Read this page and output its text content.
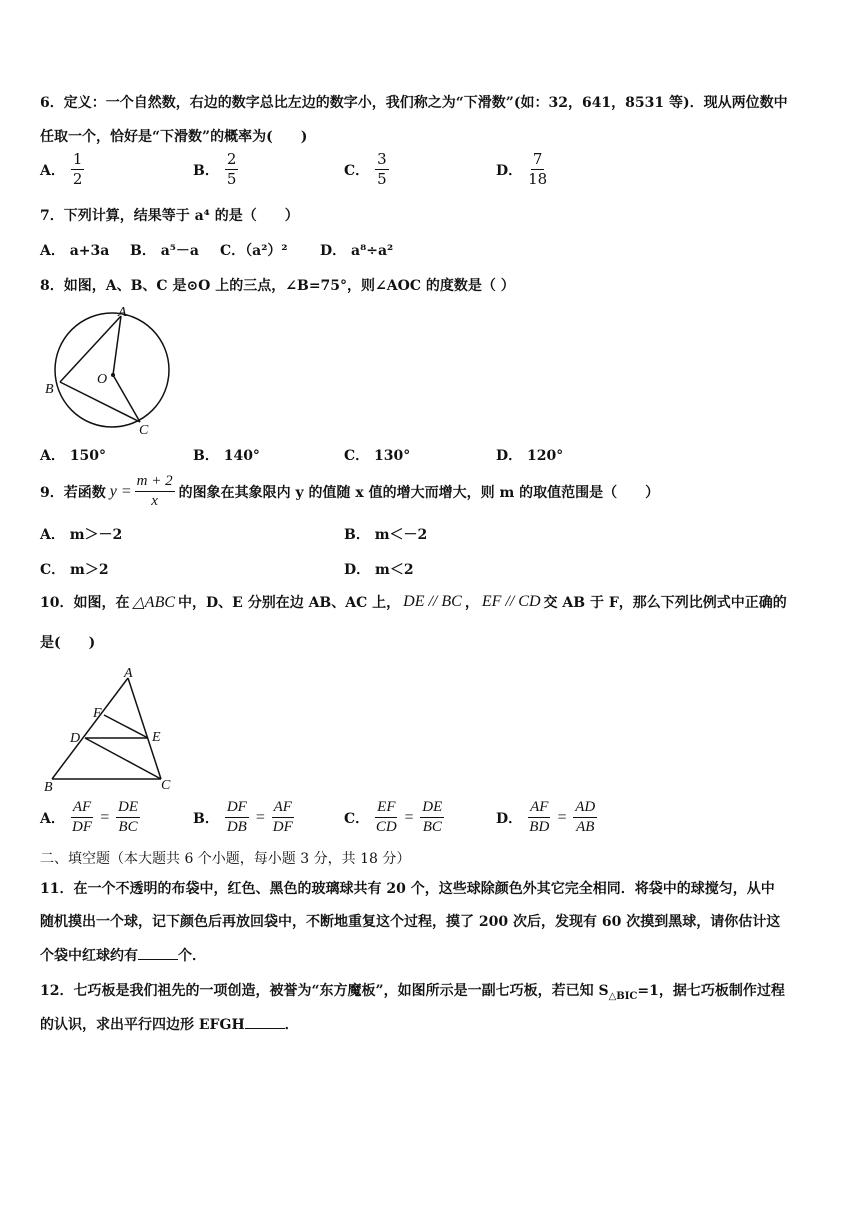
6．定义：一个自然数，右边的数字总比左边的数字小，我们称之为“下滑数”(如：32，641，8531 等)．现从两位数中
任取一个，恰好是“下滑数”的概率为(　　)
A． $\frac{1}{2}$	B． $\frac{2}{5}$	C． $\frac{3}{5}$	D． $\frac{7}{18}$
7．下列计算，结果等于 a⁴ 的是（　　）
A． a+3a B． a⁵－a C．（a²）² D． a⁸÷a²
8．如图，A、B、C 是⊙O 上的三点，∠B=75°，则∠AOC 的度数是（ ）
A
B
O
C
A． 150°	B． 140°	C． 130°	D． 120°
9．若函数 $y = \frac{m + 2}{x}$ 的图象在其象限内 y 的值随 x 值的增大而增大，则 m 的取值范围是（　　）
A． m＞－2	B． m＜－2
C． m＞2	D． m＜2
10．如图，在 △ABC 中，D、E 分别在边 AB、AC 上， DE // BC ， EF // CD 交 AB 于 F，那么下列比例式中正确的
是(　　)
A
F
D	E
B	C
A． $\frac{AF}{DF} = \frac{DE}{BC}$	B． $\frac{DF}{DB} = \frac{AF}{DF}$	C． $\frac{EF}{CD} = \frac{DE}{BC}$	D． $\frac{AF}{BD} = \frac{AD}{AB}$
二、填空题（本大题共 6 个小题，每小题 3 分，共 18 分）
11．在一个不透明的布袋中，红色、黑色的玻璃球共有 20 个，这些球除颜色外其它完全相同．将袋中的球搅匀，从中
随机摸出一个球，记下颜色后再放回袋中，不断地重复这个过程，摸了 200 次后，发现有 60 次摸到黑球，请你估计这
个袋中红球约有	个．
12．七巧板是我们祖先的一项创造，被誉为“东方魔板”，如图所示是一副七巧板，若已知 $S_{\triangle BIC}=1$，据七巧板制作过程
的认识，求出平行四边形 EFGH	．
